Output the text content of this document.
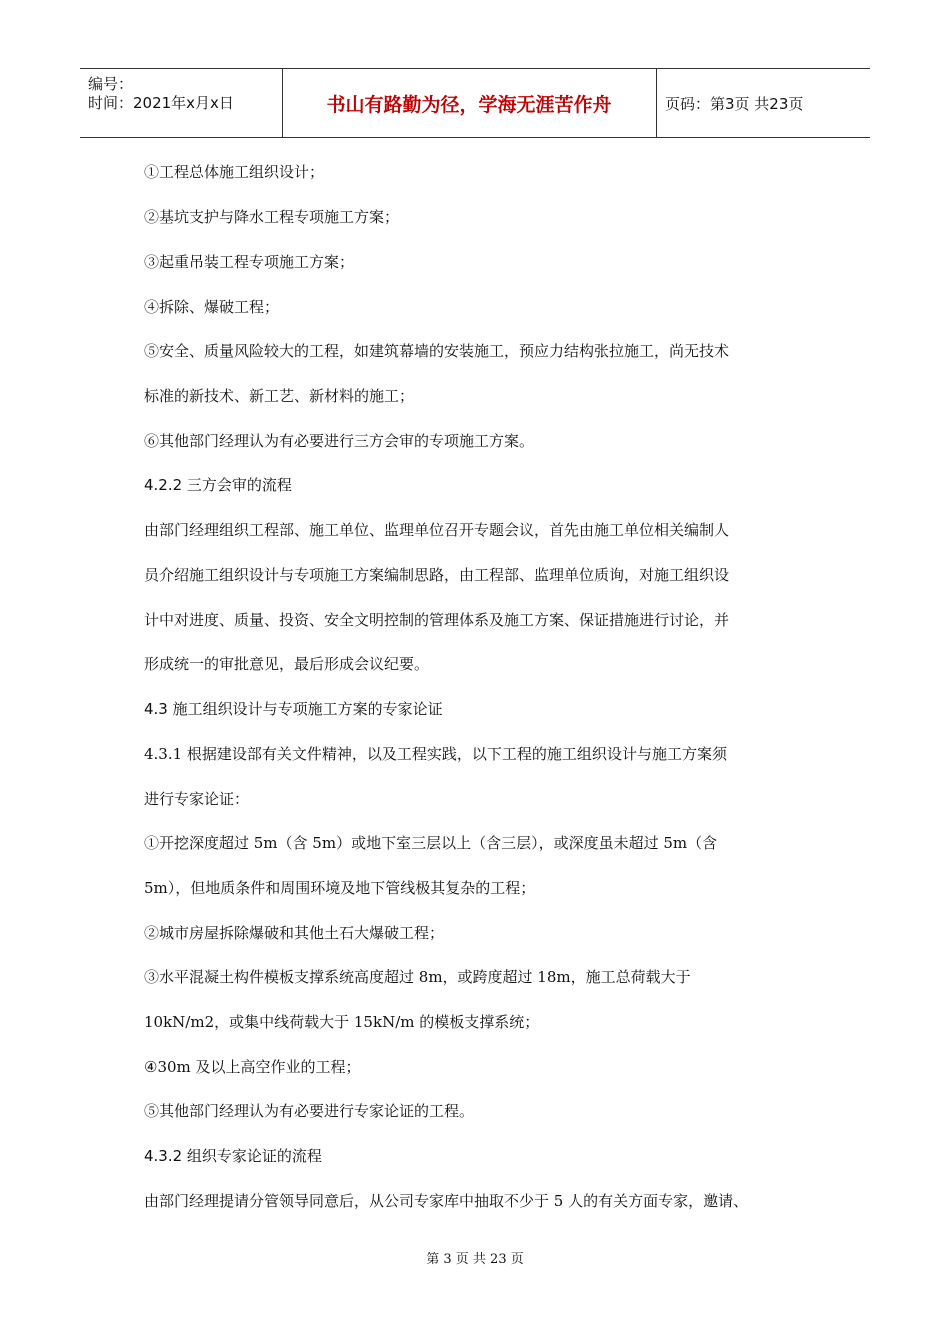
编号：
时间：2021年x月x日	书山有路勤为径，学海无涯苦作舟	页码：第3页 共23页
①工程总体施工组织设计；
②基坑支护与降水工程专项施工方案；
③起重吊装工程专项施工方案；
④拆除、爆破工程；
⑤安全、质量风险较大的工程，如建筑幕墙的安装施工，预应力结构张拉施工，尚无技术
标准的新技术、新工艺、新材料的施工；
⑥其他部门经理认为有必要进行三方会审的专项施工方案。
4.2.2 三方会审的流程
由部门经理组织工程部、施工单位、监理单位召开专题会议，首先由施工单位相关编制人
员介绍施工组织设计与专项施工方案编制思路，由工程部、监理单位质询，对施工组织设
计中对进度、质量、投资、安全文明控制的管理体系及施工方案、保证措施进行讨论，并
形成统一的审批意见，最后形成会议纪要。
4.3 施工组织设计与专项施工方案的专家论证
4.3.1 根据建设部有关文件精神，以及工程实践，以下工程的施工组织设计与施工方案须
进行专家论证：
①开挖深度超过 5m（含 5m）或地下室三层以上（含三层），或深度虽未超过 5m（含
5m），但地质条件和周围环境及地下管线极其复杂的工程；
②城市房屋拆除爆破和其他土石大爆破工程；
③水平混凝土构件模板支撑系统高度超过 8m，或跨度超过 18m，施工总荷载大于
10kN/m2，或集中线荷载大于 15kN/m 的模板支撑系统；
④30m 及以上高空作业的工程；
⑤其他部门经理认为有必要进行专家论证的工程。
4.3.2 组织专家论证的流程
由部门经理提请分管领导同意后，从公司专家库中抽取不少于 5 人的有关方面专家，邀请、
第 3 页 共 23 页
